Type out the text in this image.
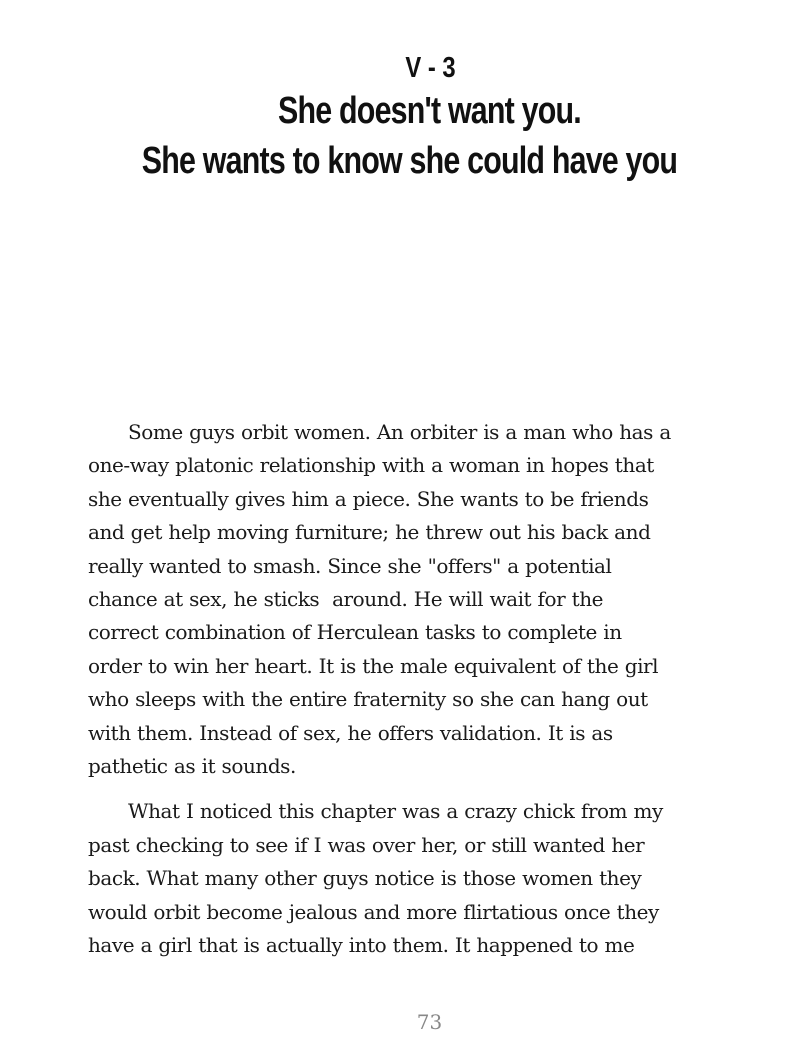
V - 3
She doesn't want you.
She wants to know she could have you

Some guys orbit women. An orbiter is a man who has a
one-way platonic relationship with a woman in hopes that
she eventually gives him a piece. She wants to be friends
and get help moving furniture; he threw out his back and
really wanted to smash. Since she "offers" a potential
chance at sex, he sticks  around. He will wait for the
correct combination of Herculean tasks to complete in
order to win her heart. It is the male equivalent of the girl
who sleeps with the entire fraternity so she can hang out
with them. Instead of sex, he offers validation. It is as
pathetic as it sounds.

What I noticed this chapter was a crazy chick from my
past checking to see if I was over her, or still wanted her
back. What many other guys notice is those women they
would orbit become jealous and more flirtatious once they
have a girl that is actually into them. It happened to me

73
